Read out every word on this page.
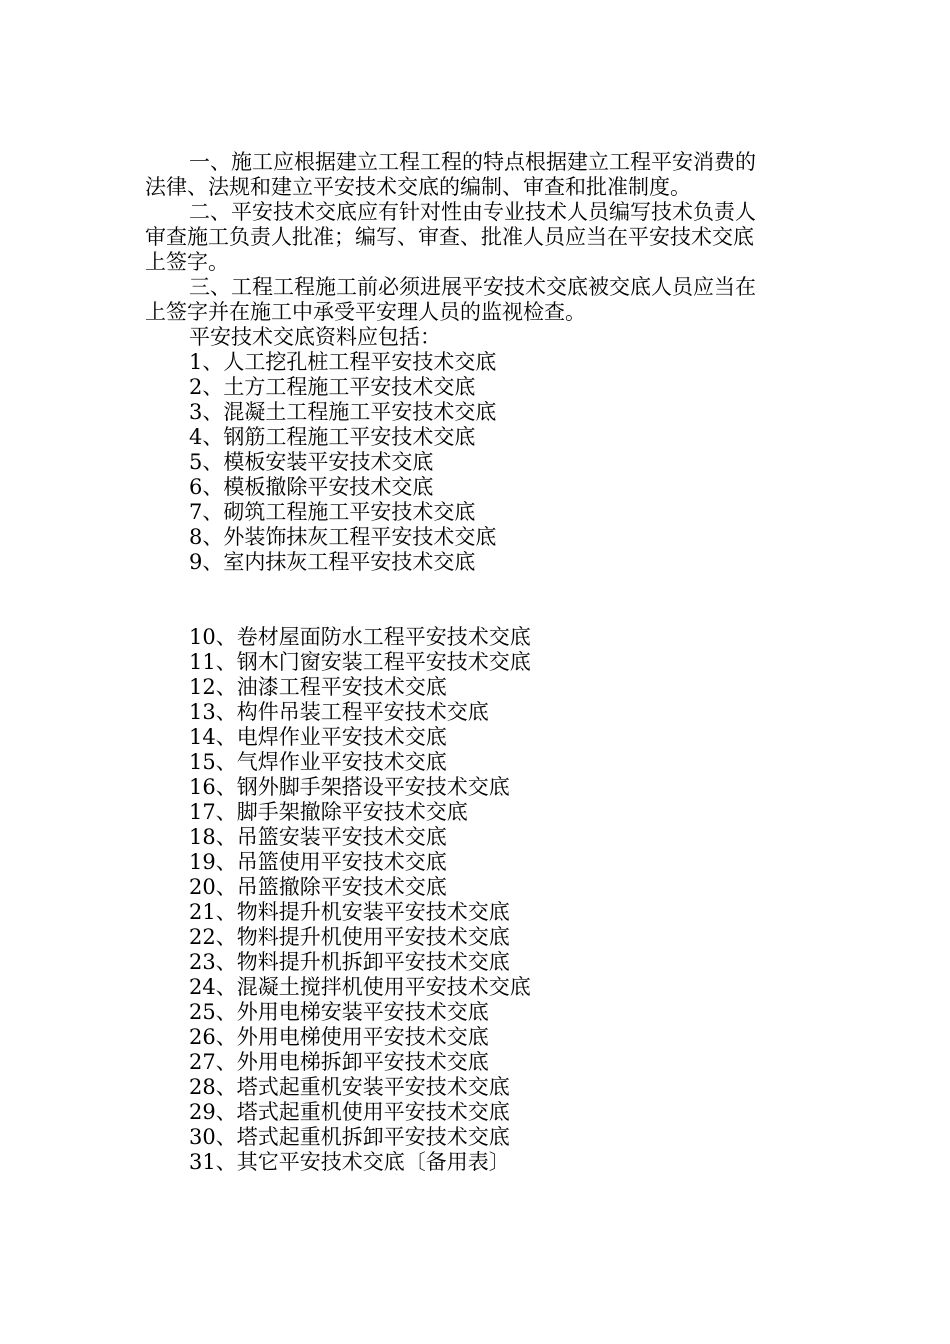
一、施工应根据建立工程工程的特点根据建立工程平安消费的法律、法规和建立平安技术交底的编制、审查和批准制度。

二、平安技术交底应有针对性由专业技术人员编写技术负责人审查施工负责人批准；编写、审查、批准人员应当在平安技术交底上签字。

三、工程工程施工前必须进展平安技术交底被交底人员应当在上签字并在施工中承受平安理人员的监视检查。

平安技术交底资料应包括：

1、人工挖孔桩工程平安技术交底
2、土方工程施工平安技术交底
3、混凝土工程施工平安技术交底
4、钢筋工程施工平安技术交底
5、模板安装平安技术交底
6、模板撤除平安技术交底
7、砌筑工程施工平安技术交底
8、外装饰抹灰工程平安技术交底
9、室内抹灰工程平安技术交底
10、卷材屋面防水工程平安技术交底
11、钢木门窗安装工程平安技术交底
12、油漆工程平安技术交底
13、构件吊装工程平安技术交底
14、电焊作业平安技术交底
15、气焊作业平安技术交底
16、钢外脚手架搭设平安技术交底
17、脚手架撤除平安技术交底
18、吊篮安装平安技术交底
19、吊篮使用平安技术交底
20、吊篮撤除平安技术交底
21、物料提升机安装平安技术交底
22、物料提升机使用平安技术交底
23、物料提升机拆卸平安技术交底
24、混凝土搅拌机使用平安技术交底
25、外用电梯安装平安技术交底
26、外用电梯使用平安技术交底
27、外用电梯拆卸平安技术交底
28、塔式起重机安装平安技术交底
29、塔式起重机使用平安技术交底
30、塔式起重机拆卸平安技术交底
31、其它平安技术交底〔备用表〕
